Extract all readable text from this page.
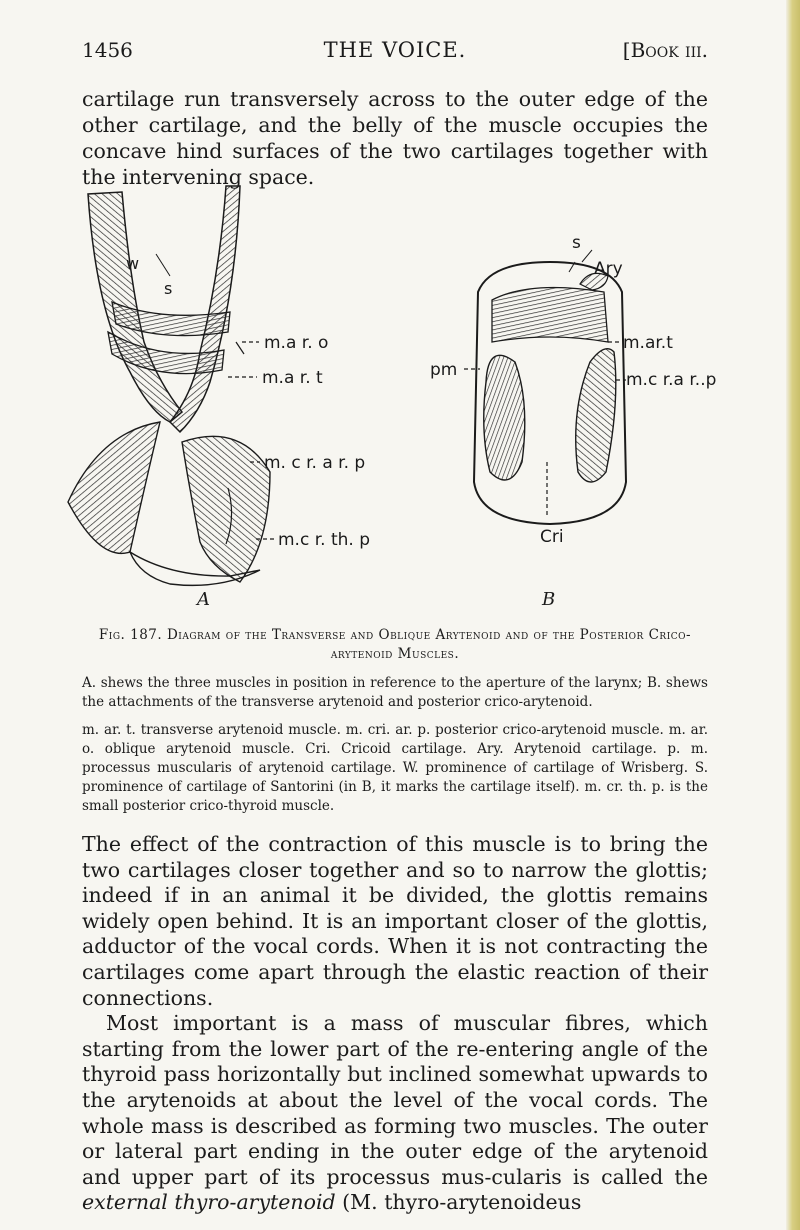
1456	THE VOICE.	[Book iii.

cartilage run transversely across to the outer edge of the other cartilage, and the belly of the muscle occupies the concave hind surfaces of the two cartilages together with the intervening space.

w
s
m.a r. o
m.a r. t
m. c r. a r. p
m.c r. th. p
s
Ary
m.ar.t
m.c r.a r..p
pm
Cri
A	B

Fig. 187. Diagram of the Transverse and Oblique Arytenoid and of the Posterior Crico-arytenoid Muscles.

A. shews the three muscles in position in reference to the aperture of the larynx; B. shews the attachments of the transverse arytenoid and posterior crico-arytenoid.

m. ar. t. transverse arytenoid muscle. m. cri. ar. p. posterior crico-arytenoid muscle. m. ar. o. oblique arytenoid muscle. Cri. Cricoid cartilage. Ary. Arytenoid cartilage. p. m. processus muscularis of arytenoid cartilage. W. prominence of cartilage of Wrisberg. S. prominence of cartilage of Santorini (in B, it marks the cartilage itself). m. cr. th. p. is the small posterior crico-thyroid muscle.

The effect of the contraction of this muscle is to bring the two cartilages closer together and so to narrow the glottis; indeed if in an animal it be divided, the glottis remains widely open behind. It is an important closer of the glottis, adductor of the vocal cords. When it is not contracting the cartilages come apart through the elastic reaction of their connections.

Most important is a mass of muscular fibres, which starting from the lower part of the re-entering angle of the thyroid pass horizontally but inclined somewhat upwards to the arytenoids at about the level of the vocal cords. The whole mass is described as forming two muscles. The outer or lateral part ending in the outer edge of the arytenoid and upper part of its processus mus-cularis is called the external thyro-arytenoid (M. thyro-arytenoideus
